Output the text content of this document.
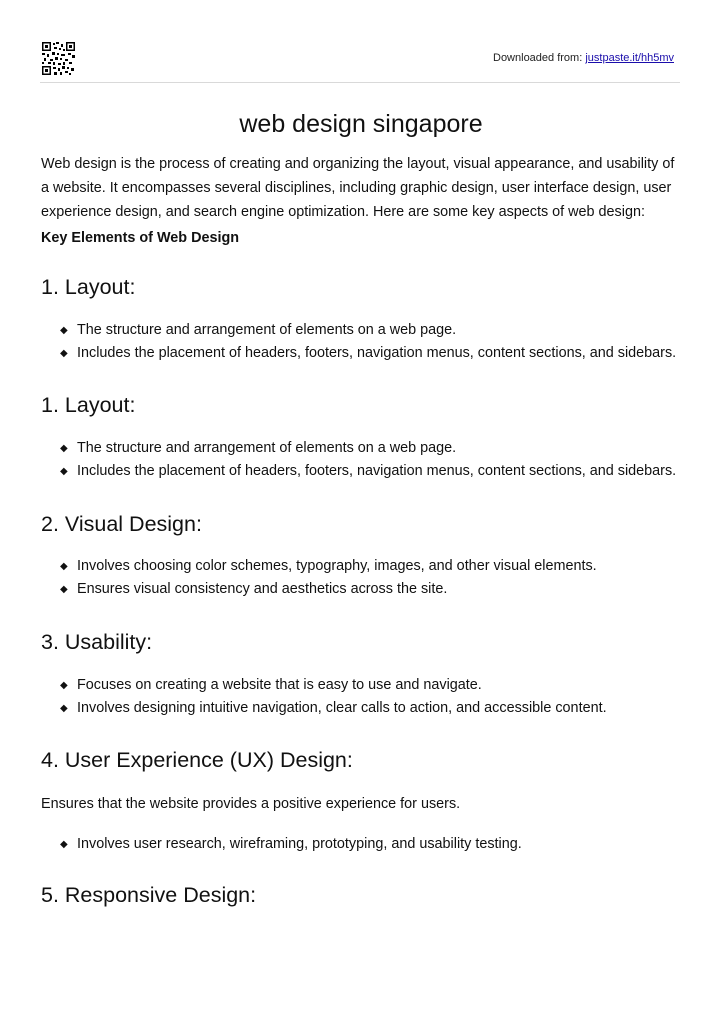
Downloaded from: justpaste.it/hh5mv
web design singapore

Web design is the process of creating and organizing the layout, visual appearance, and usability of a website. It encompasses several disciplines, including graphic design, user interface design, user experience design, and search engine optimization. Here are some key aspects of web design:

Key Elements of Web Design

1. Layout:
◆ The structure and arrangement of elements on a web page.
◆ Includes the placement of headers, footers, navigation menus, content sections, and sidebars.
1. Layout:
◆ The structure and arrangement of elements on a web page.
◆ Includes the placement of headers, footers, navigation menus, content sections, and sidebars.
2. Visual Design:
◆ Involves choosing color schemes, typography, images, and other visual elements.
◆ Ensures visual consistency and aesthetics across the site.
3. Usability:
◆ Focuses on creating a website that is easy to use and navigate.
◆ Involves designing intuitive navigation, clear calls to action, and accessible content.
4. User Experience (UX) Design:

Ensures that the website provides a positive experience for users.

◆ Involves user research, wireframing, prototyping, and usability testing.
5. Responsive Design:
